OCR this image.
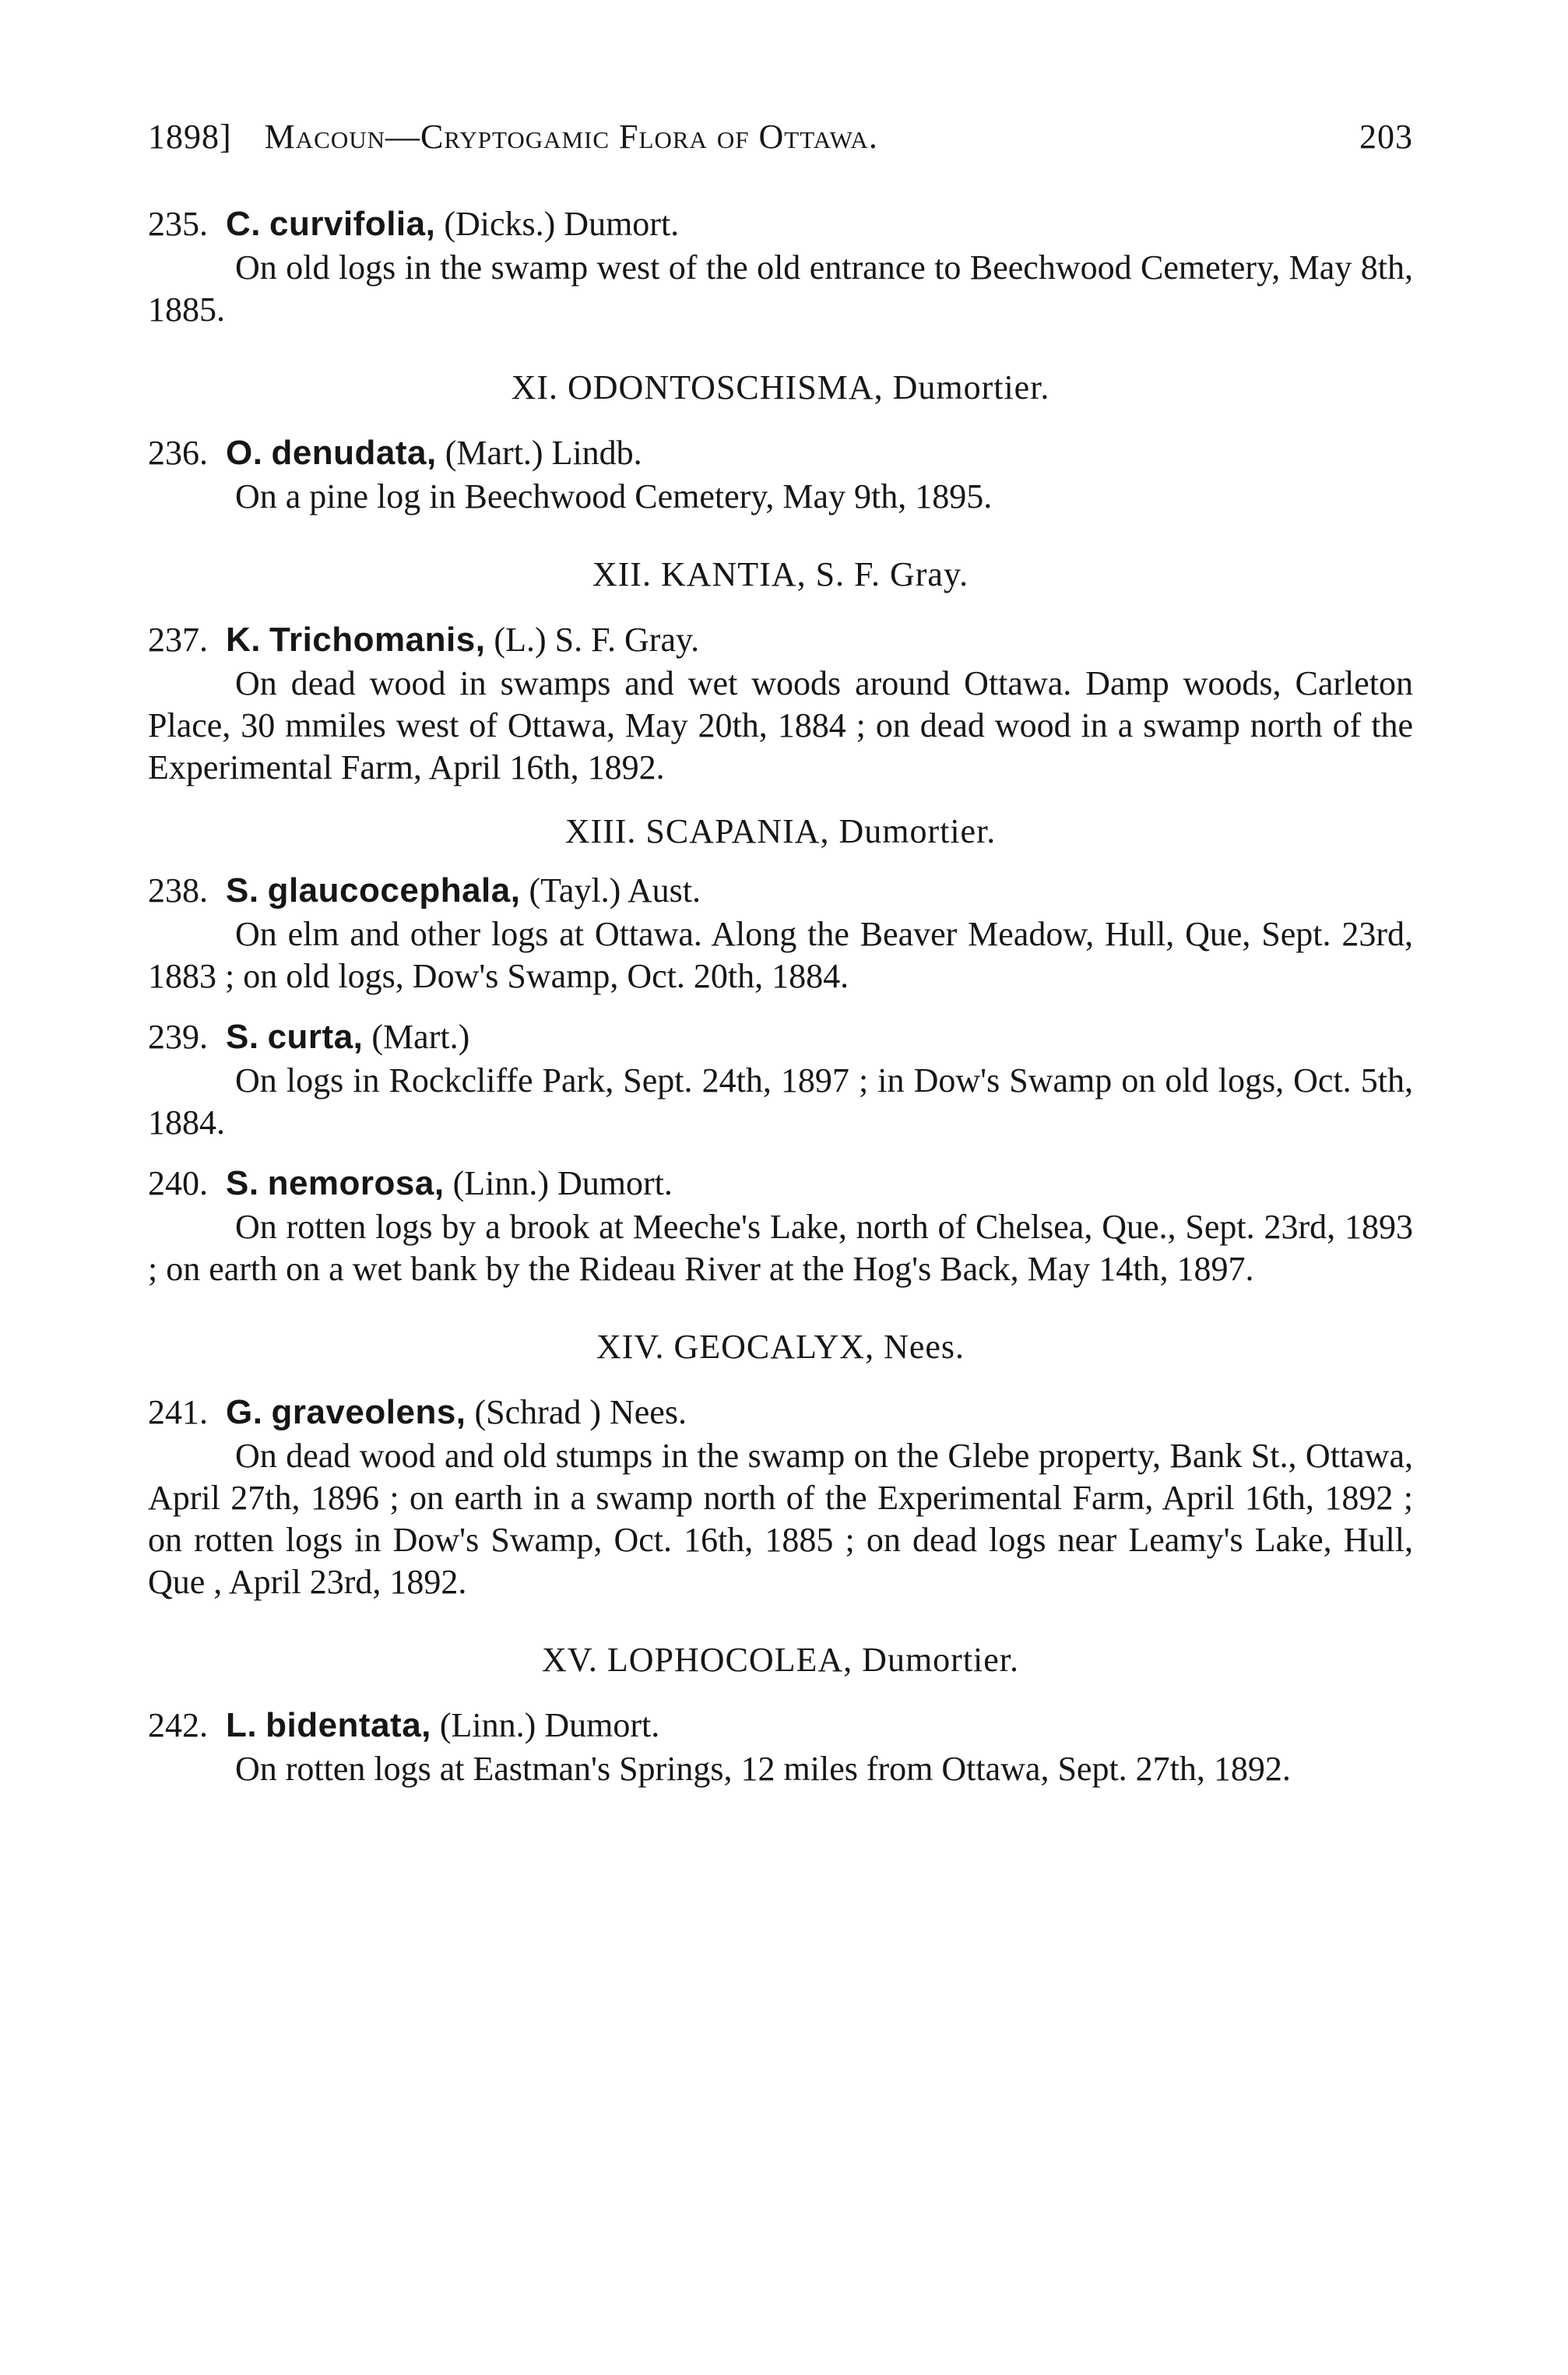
1898] Macoun—Cryptogamic Flora of Ottawa.	203
235. C. curvifolia, (Dicks.) Dumort.

On old logs in the swamp west of the old entrance to Beechwood Cemetery, May 8th, 1885.

XI. ODONTOSCHISMA, Dumortier.
236. O. denudata, (Mart.) Lindb.

On a pine log in Beechwood Cemetery, May 9th, 1895.

XII. KANTIA, S. F. Gray.
237. K. Trichomanis, (L.) S. F. Gray.

On dead wood in swamps and wet woods around Ottawa. Damp woods, Carleton Place, 30 mmiles west of Ottawa, May 20th, 1884 ; on dead wood in a swamp north of the Experimental Farm, April 16th, 1892.

XIII. SCAPANIA, Dumortier.
238. S. glaucocephala, (Tayl.) Aust.

On elm and other logs at Ottawa. Along the Beaver Meadow, Hull, Que, Sept. 23rd, 1883 ; on old logs, Dow's Swamp, Oct. 20th, 1884.

239. S. curta, (Mart.)

On logs in Rockcliffe Park, Sept. 24th, 1897 ; in Dow's Swamp on old logs, Oct. 5th, 1884.

240. S. nemorosa, (Linn.) Dumort.

On rotten logs by a brook at Meeche's Lake, north of Chelsea, Que., Sept. 23rd, 1893 ; on earth on a wet bank by the Rideau River at the Hog's Back, May 14th, 1897.

XIV. GEOCALYX, Nees.
241. G. graveolens, (Schrad ) Nees.

On dead wood and old stumps in the swamp on the Glebe property, Bank St., Ottawa, April 27th, 1896 ; on earth in a swamp north of the Experimental Farm, April 16th, 1892 ; on rotten logs in Dow's Swamp, Oct. 16th, 1885 ; on dead logs near Leamy's Lake, Hull, Que , April 23rd, 1892.

XV. LOPHOCOLEA, Dumortier.
242. L. bidentata, (Linn.) Dumort.

On rotten logs at Eastman's Springs, 12 miles from Ottawa, Sept. 27th, 1892.
